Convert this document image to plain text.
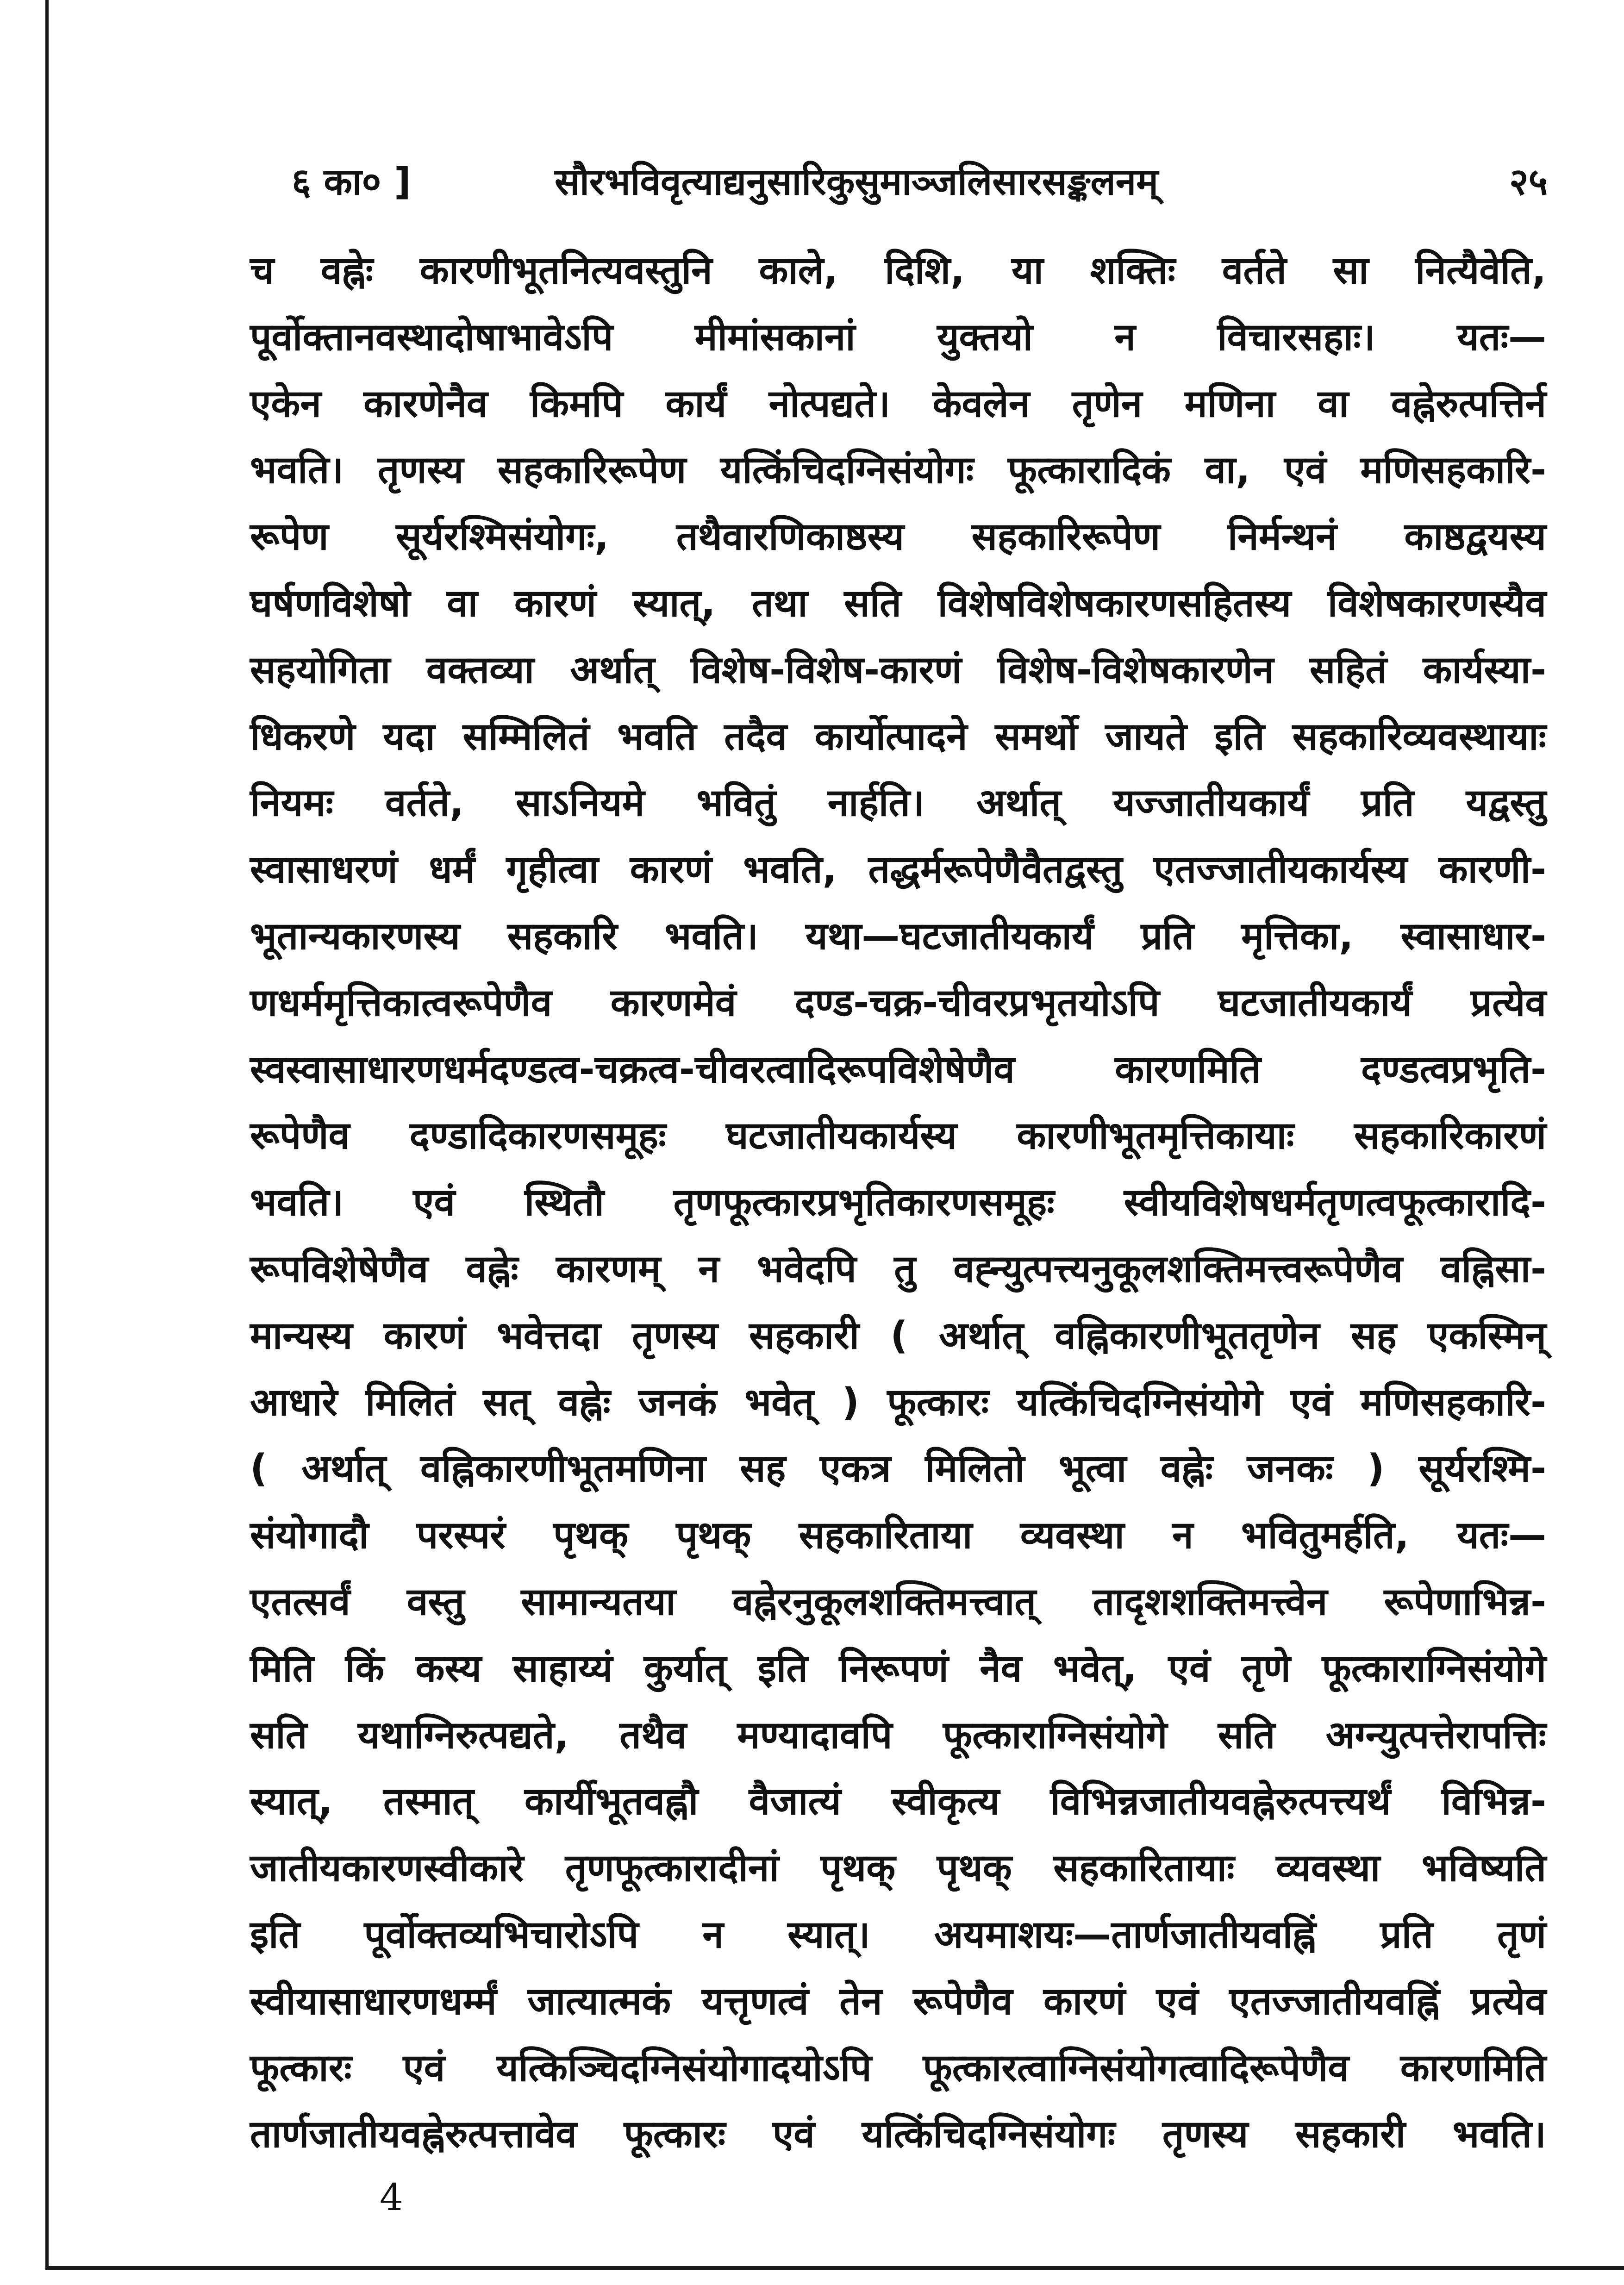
६ का० ]	सौरभविवृत्याद्यनुसारिकुसुमाञ्जलिसारसङ्कलनम्	२५
च वह्नेः कारणीभूतनित्यवस्तुनि काले, दिशि, या शक्तिः वर्तते सा नित्यैवेति,
पूर्वोक्तानवस्थादोषाभावेऽपि मीमांसकानां युक्तयो न विचारसहाः। यतः—
एकेन कारणेनैव किमपि कार्यं नोत्पद्यते। केवलेन तृणेन मणिना वा वह्नेरुत्पत्तिर्न
भवति। तृणस्य सहकारिरूपेण यत्किंचिदग्निसंयोगः फूत्कारादिकं वा, एवं मणिसहकारि-
रूपेण सूर्यरश्मिसंयोगः, तथैवारणिकाष्ठस्य सहकारिरूपेण निर्मन्थनं काष्ठद्वयस्य
घर्षणविशेषो वा कारणं स्यात्, तथा सति विशेषविशेषकारणसहितस्य विशेषकारणस्यैव
सहयोगिता वक्तव्या अर्थात् विशेष-विशेष-कारणं विशेष-विशेषकारणेन सहितं कार्यस्या-
धिकरणे यदा सम्मिलितं भवति तदैव कार्योत्पादने समर्थो जायते इति सहकारिव्यवस्थायाः
नियमः वर्तते, साऽनियमे भवितुं नार्हति। अर्थात् यज्जातीयकार्यं प्रति यद्वस्तु
स्वासाधरणं धर्मं गृहीत्वा कारणं भवति, तद्धर्मरूपेणैवैतद्वस्तु एतज्जातीयकार्यस्य कारणी-
भूतान्यकारणस्य सहकारि भवति। यथा—घटजातीयकार्यं प्रति मृत्तिका, स्वासाधार-
णधर्ममृत्तिकात्वरूपेणैव कारणमेवं दण्ड-चक्र-चीवरप्रभृतयोऽपि घटजातीयकार्यं प्रत्येव
स्वस्वासाधारणधर्मदण्डत्व-चक्रत्व-चीवरत्वादिरूपविशेषेणैव कारणमिति दण्डत्वप्रभृति-
रूपेणैव दण्डादिकारणसमूहः घटजातीयकार्यस्य कारणीभूतमृत्तिकायाः सहकारिकारणं
भवति। एवं स्थितौ तृणफूत्कारप्रभृतिकारणसमूहः स्वीयविशेषधर्मतृणत्वफूत्कारादि-
रूपविशेषेणैव वह्नेः कारणम् न भवेदपि तु वह्न्युत्पत्त्यनुकूलशक्तिमत्त्वरूपेणैव वह्निसा-
मान्यस्य कारणं भवेत्तदा तृणस्य सहकारी ( अर्थात् वह्निकारणीभूततृणेन सह एकस्मिन्
आधारे मिलितं सत् वह्नेः जनकं भवेत् ) फूत्कारः यत्किंचिदग्निसंयोगे एवं मणिसहकारि-
( अर्थात् वह्निकारणीभूतमणिना सह एकत्र मिलितो भूत्वा वह्नेः जनकः ) सूर्यरश्मि-
संयोगादौ परस्परं पृथक् पृथक् सहकारिताया व्यवस्था न भवितुमर्हति, यतः—
एतत्सर्वं वस्तु सामान्यतया वह्नेरनुकूलशक्तिमत्त्वात् तादृशशक्तिमत्त्वेन रूपेणाभिन्न-
मिति किं कस्य साहाय्यं कुर्यात् इति निरूपणं नैव भवेत्, एवं तृणे फूत्काराग्निसंयोगे
सति यथाग्निरुत्पद्यते, तथैव मण्यादावपि फूत्काराग्निसंयोगे सति अग्न्युत्पत्तेरापत्तिः
स्यात्, तस्मात् कार्यीभूतवह्नौ वैजात्यं स्वीकृत्य विभिन्नजातीयवह्नेरुत्पत्त्यर्थं विभिन्न-
जातीयकारणस्वीकारे तृणफूत्कारादीनां पृथक् पृथक् सहकारितायाः व्यवस्था भविष्यति
इति पूर्वोक्तव्यभिचारोऽपि न स्यात्। अयमाशयः—तार्णजातीयवह्निं प्रति तृणं
स्वीयासाधारणधर्म्मं जात्यात्मकं यत्तृणत्वं तेन रूपेणैव कारणं एवं एतज्जातीयवह्निं प्रत्येव
फूत्कारः एवं यत्किञ्चिदग्निसंयोगादयोऽपि फूत्कारत्वाग्निसंयोगत्वादिरूपेणैव कारणमिति
तार्णजातीयवह्नेरुत्पत्तावेव फूत्कारः एवं यत्किंचिदग्निसंयोगः तृणस्य सहकारी भवति।
4
